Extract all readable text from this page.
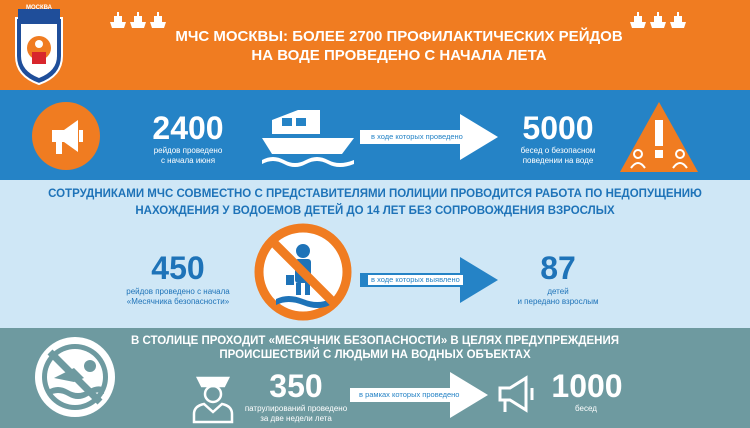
МОСКВА
МЧС МОСКВЫ: БОЛЕЕ 2700 ПРОФИЛАКТИЧЕСКИХ РЕЙДОВ
НА ВОДЕ ПРОВЕДЕНО С НАЧАЛА ЛЕТА
2400
рейдов проведено
с начала июня
в ходе которых проведено	5000
бесед о безопасном
поведении на воде
СОТРУДНИКАМИ МЧС СОВМЕСТНО С ПРЕДСТАВИТЕЛЯМИ ПОЛИЦИИ ПРОВОДИТСЯ РАБОТА ПО НЕДОПУЩЕНИЮ
НАХОЖДЕНИЯ У ВОДОЕМОВ ДЕТЕЙ ДО 14 ЛЕТ БЕЗ СОПРОВОЖДЕНИЯ ВЗРОСЛЫХ
450
рейдов проведено с начала
«Месячника безопасности»
в ходе которых выявлено	87
детей
и передано взрослым
В СТОЛИЦЕ ПРОХОДИТ «МЕСЯЧНИК БЕЗОПАСНОСТИ» В ЦЕЛЯХ ПРЕДУПРЕЖДЕНИЯ
ПРОИСШЕСТВИЙ С ЛЮДЬМИ НА ВОДНЫХ ОБЪЕКТАХ
350
патрулирований проведено
за две недели лета
в рамках которых проведено	1000
бесед
